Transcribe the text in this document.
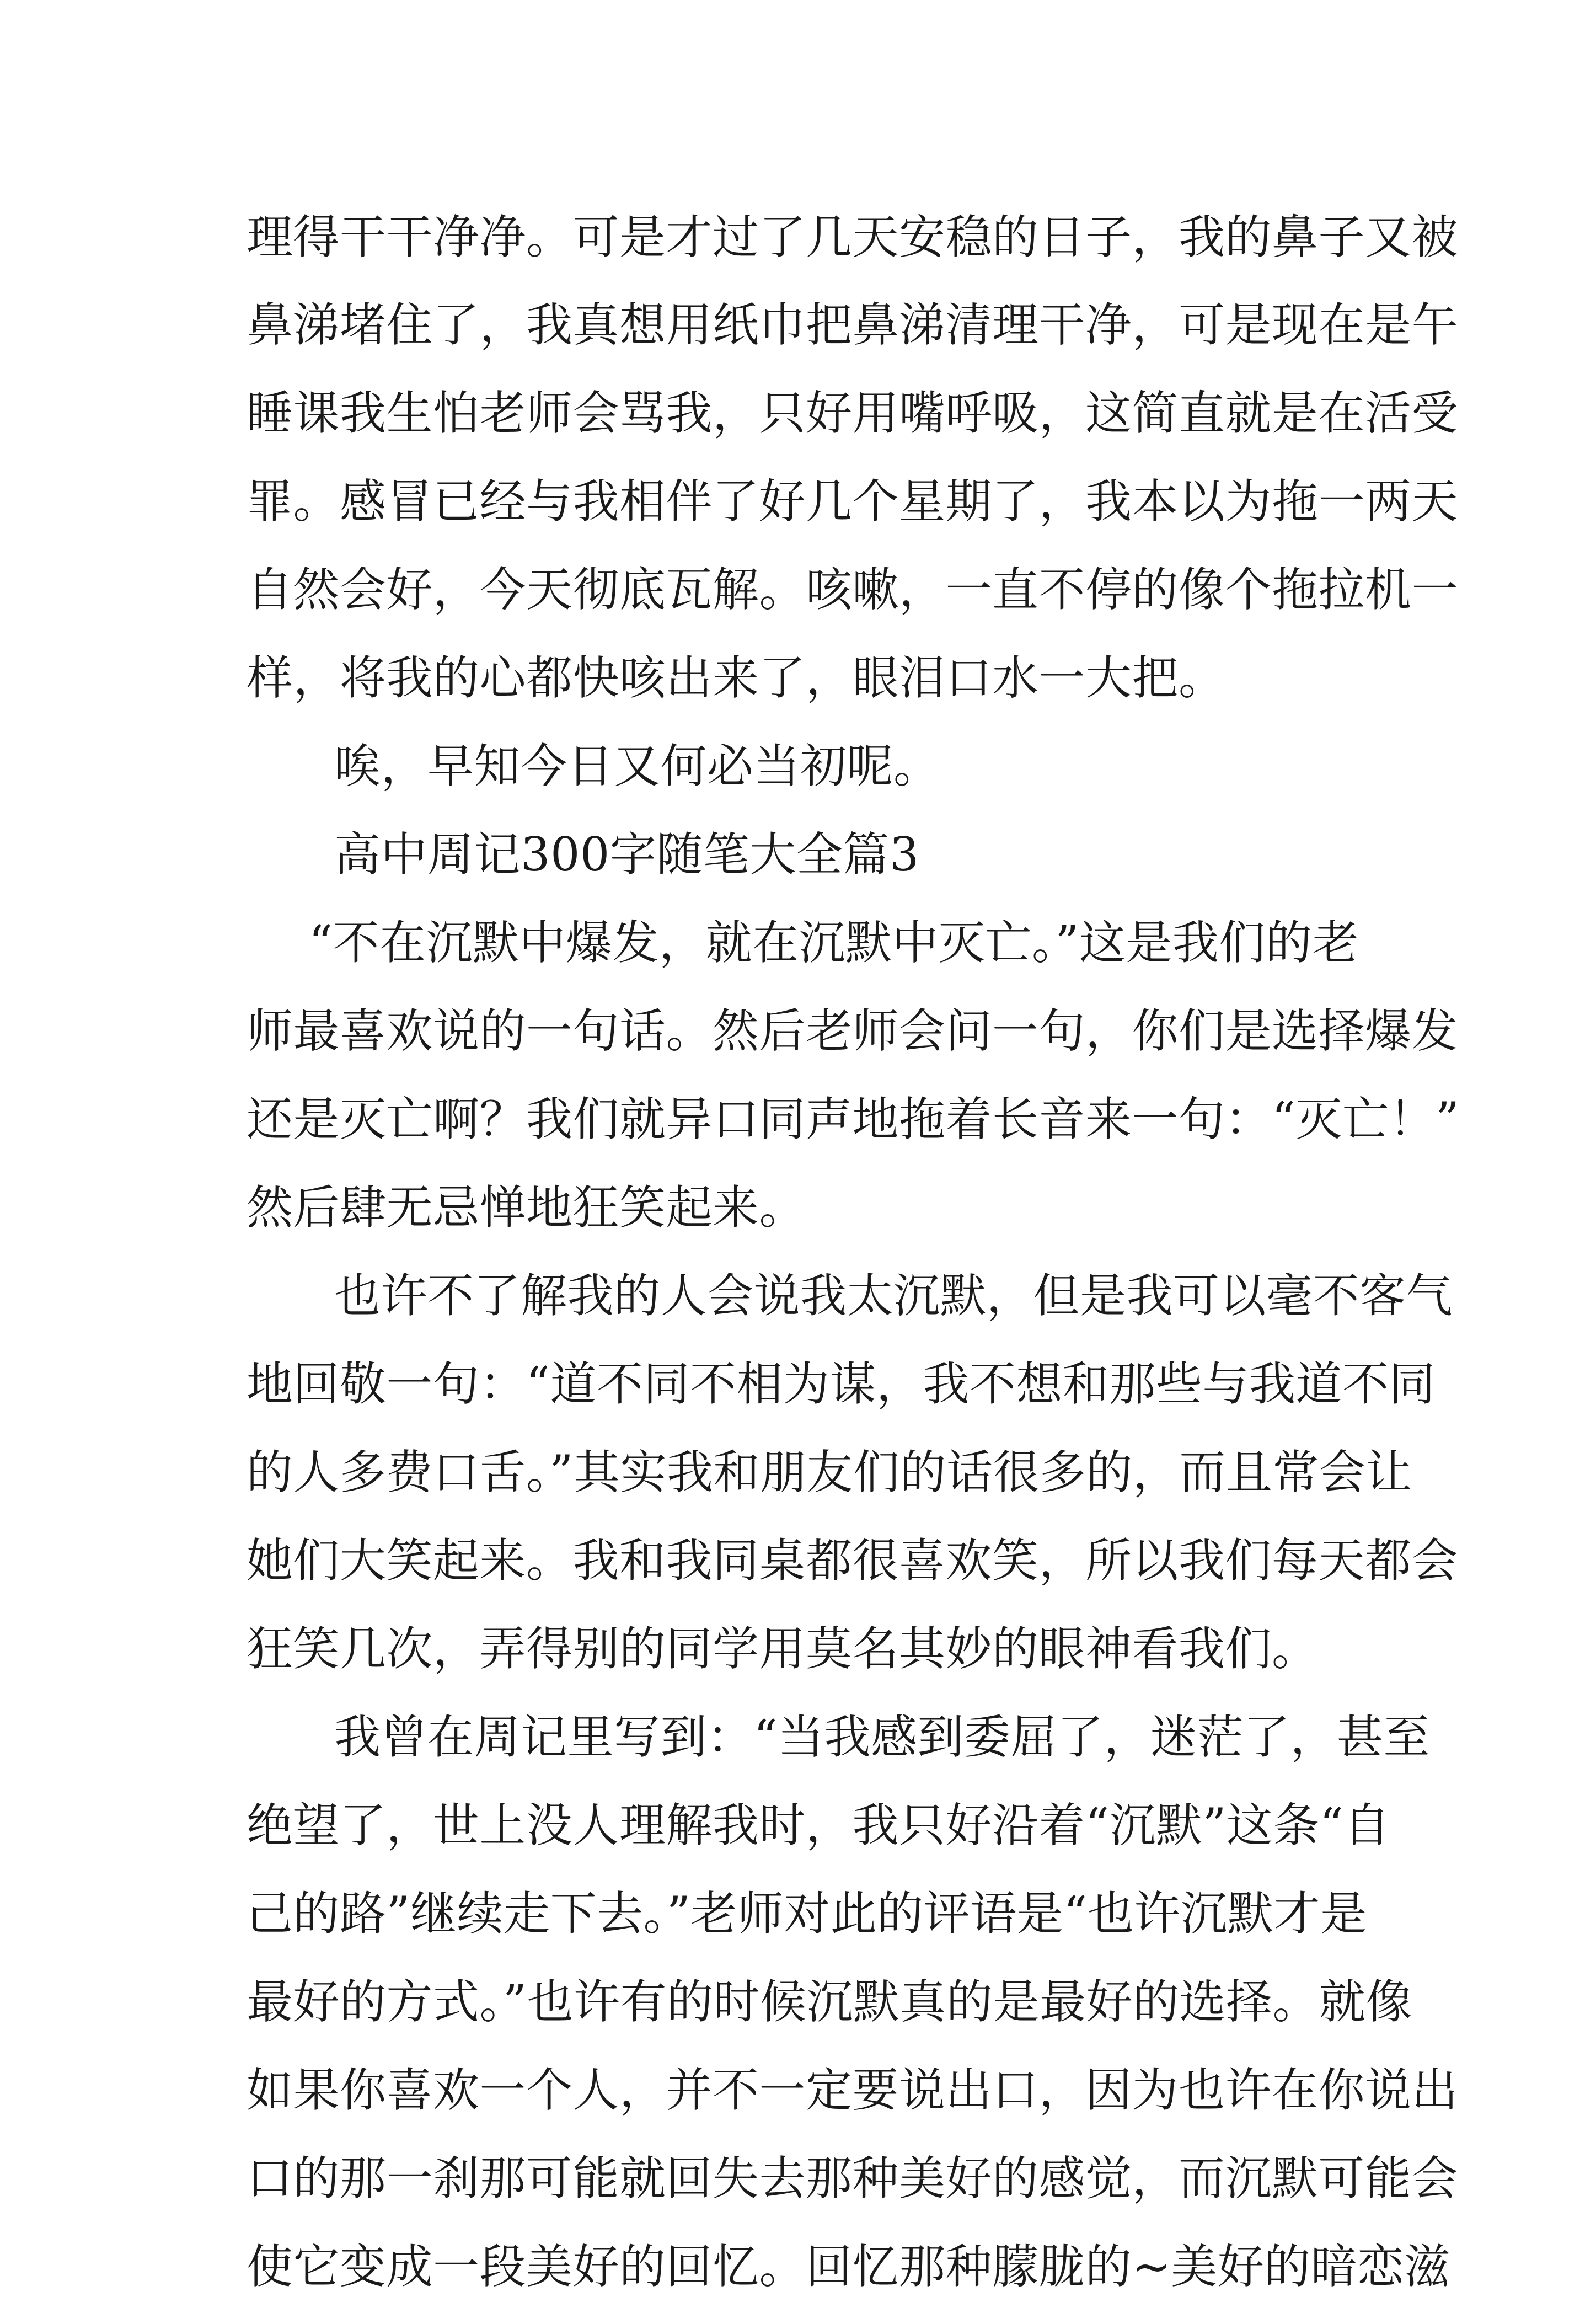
理得干干净净。可是才过了几天安稳的日子，我的鼻子又被
鼻涕堵住了，我真想用纸巾把鼻涕清理干净，可是现在是午
睡课我生怕老师会骂我，只好用嘴呼吸，这简直就是在活受
罪。感冒已经与我相伴了好几个星期了，我本以为拖一两天
自然会好，今天彻底瓦解。咳嗽，一直不停的像个拖拉机一
样，将我的心都快咳出来了，眼泪口水一大把。
唉，早知今日又何必当初呢。
高中周记300字随笔大全篇3
“不在沉默中爆发，就在沉默中灭亡。”这是我们的老
师最喜欢说的一句话。然后老师会问一句，你们是选择爆发
还是灭亡啊？我们就异口同声地拖着长音来一句：“灭亡！”
然后肆无忌惮地狂笑起来。
也许不了解我的人会说我太沉默，但是我可以毫不客气
地回敬一句：“道不同不相为谋，我不想和那些与我道不同
的人多费口舌。”其实我和朋友们的话很多的，而且常会让
她们大笑起来。我和我同桌都很喜欢笑，所以我们每天都会
狂笑几次，弄得别的同学用莫名其妙的眼神看我们。
我曾在周记里写到：“当我感到委屈了，迷茫了，甚至
绝望了，世上没人理解我时，我只好沿着“沉默”这条“自
己的路”继续走下去。”老师对此的评语是“也许沉默才是
最好的方式。”也许有的时候沉默真的是最好的选择。就像
如果你喜欢一个人，并不一定要说出口，因为也许在你说出
口的那一刹那可能就回失去那种美好的感觉，而沉默可能会
使它变成一段美好的回忆。回忆那种朦胧的~美好的暗恋滋
